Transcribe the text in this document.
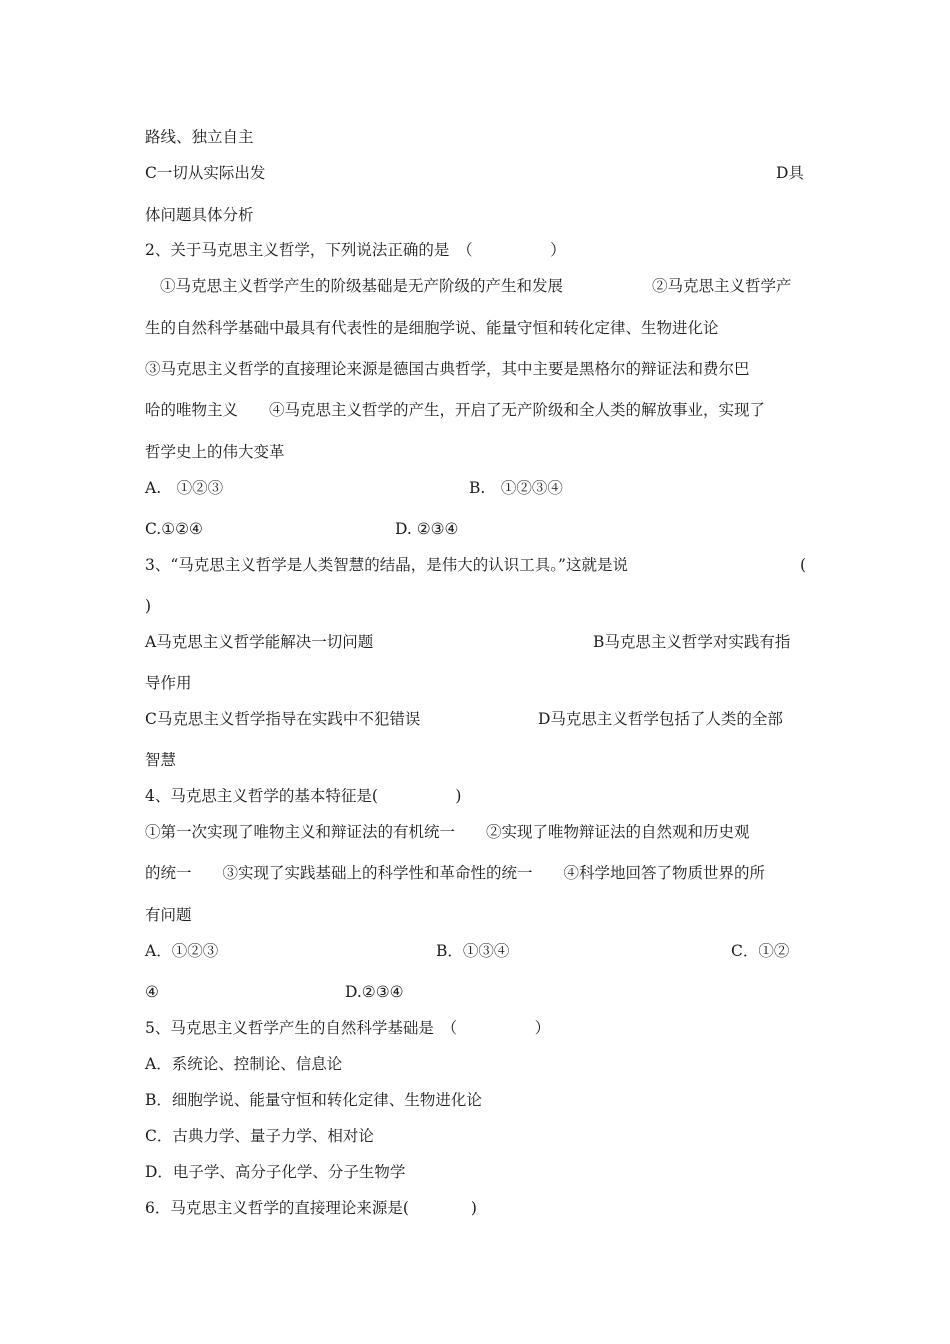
路线、独立自主
C一切从实际出发	D具
体问题具体分析
2、关于马克思主义哲学，下列说法正确的是　（　　　　　）
①马克思主义哲学产生的阶级基础是无产阶级的产生和发展	②马克思主义哲学产
生的自然科学基础中最具有代表性的是细胞学说、能量守恒和转化定律、生物进化论
③马克思主义哲学的直接理论来源是德国古典哲学，其中主要是黑格尔的辩证法和费尔巴
哈的唯物主义　　④马克思主义哲学的产生，开启了无产阶级和全人类的解放事业，实现了
哲学史上的伟大变革
A.　①②③	B.　①②③④
C.①②④	D. ②③④
3、“马克思主义哲学是人类智慧的结晶，是伟大的认识工具。”这就是说	(
)
A马克思主义哲学能解决一切问题	B马克思主义哲学对实践有指
导作用
C马克思主义哲学指导在实践中不犯错误	D马克思主义哲学包括了人类的全部
智慧
4、马克思主义哲学的基本特征是(　　　　　)
①第一次实现了唯物主义和辩证法的有机统一　　②实现了唯物辩证法的自然观和历史观
的统一　　③实现了实践基础上的科学性和革命性的统一　　④科学地回答了物质世界的所
有问题
A．①②③	B．①③④	C．①②
④	D.②③④
5、马克思主义哲学产生的自然科学基础是　（　　　　　）
A．系统论、控制论、信息论
B．细胞学说、能量守恒和转化定律、生物进化论
C．古典力学、量子力学、相对论
D．电子学、高分子化学、分子生物学
6．马克思主义哲学的直接理论来源是(　　　　)
